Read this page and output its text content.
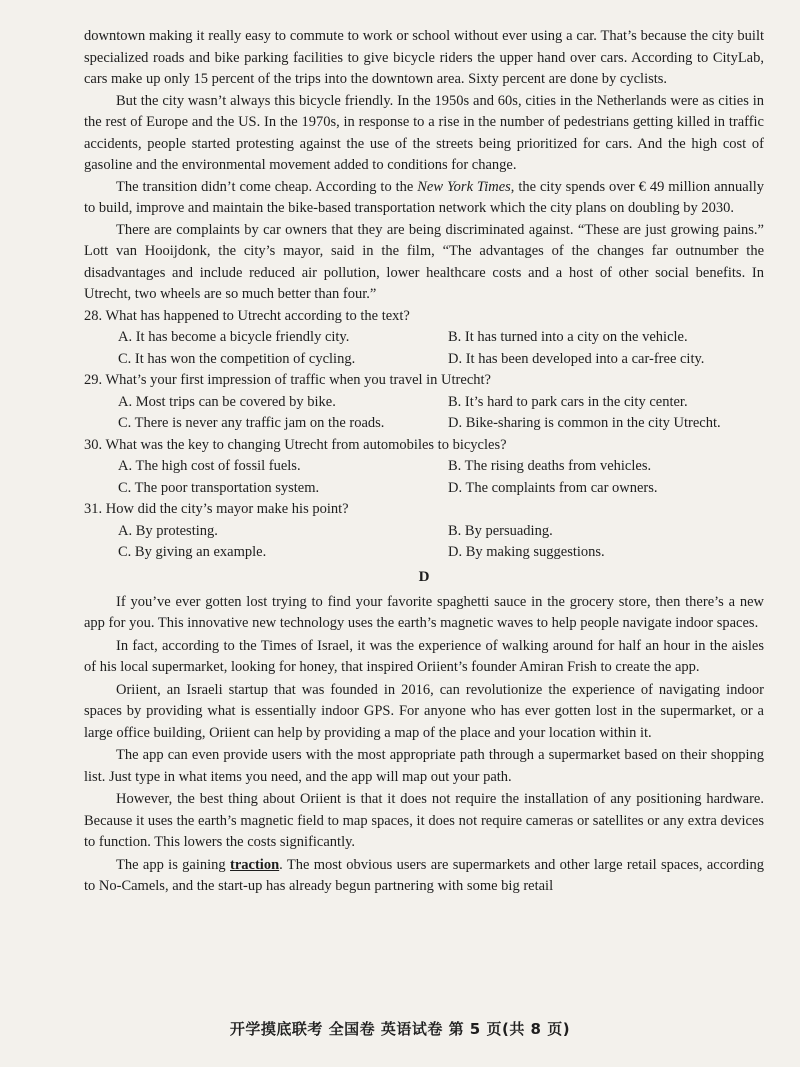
downtown making it really easy to commute to work or school without ever using a car. That’s because the city built specialized roads and bike parking facilities to give bicycle riders the upper hand over cars. According to CityLab, cars make up only 15 percent of the trips into the downtown area. Sixty percent are done by cyclists.

But the city wasn’t always this bicycle friendly. In the 1950s and 60s, cities in the Netherlands were as cities in the rest of Europe and the US. In the 1970s, in response to a rise in the number of pedestrians getting killed in traffic accidents, people started protesting against the use of the streets being prioritized for cars. And the high cost of gasoline and the environmental movement added to conditions for change.

The transition didn’t come cheap. According to the New York Times, the city spends over € 49 million annually to build, improve and maintain the bike-based transportation network which the city plans on doubling by 2030.

There are complaints by car owners that they are being discriminated against. “These are just growing pains.” Lott van Hooijdonk, the city’s mayor, said in the film, “The advantages of the changes far outnumber the disadvantages and include reduced air pollution, lower healthcare costs and a host of other social benefits. In Utrecht, two wheels are so much better than four.”

28. What has happened to Utrecht according to the text?
A. It has become a bicycle friendly city.	B. It has turned into a city on the vehicle.
C. It has won the competition of cycling.	D. It has been developed into a car-free city.
29. What’s your first impression of traffic when you travel in Utrecht?
A. Most trips can be covered by bike.	B. It’s hard to park cars in the city center.
C. There is never any traffic jam on the roads.	D. Bike-sharing is common in the city Utrecht.
30. What was the key to changing Utrecht from automobiles to bicycles?
A. The high cost of fossil fuels.	B. The rising deaths from vehicles.
C. The poor transportation system.	D. The complaints from car owners.
31. How did the city’s mayor make his point?
A. By protesting.	B. By persuading.
C. By giving an example.	D. By making suggestions.
D

If you’ve ever gotten lost trying to find your favorite spaghetti sauce in the grocery store, then there’s a new app for you. This innovative new technology uses the earth’s magnetic waves to help people navigate indoor spaces.

In fact, according to the Times of Israel, it was the experience of walking around for half an hour in the aisles of his local supermarket, looking for honey, that inspired Oriient’s founder Amiran Frish to create the app.

Oriient, an Israeli startup that was founded in 2016, can revolutionize the experience of navigating indoor spaces by providing what is essentially indoor GPS. For anyone who has ever gotten lost in the supermarket, or a large office building, Oriient can help by providing a map of the place and your location within it.

The app can even provide users with the most appropriate path through a supermarket based on their shopping list. Just type in what items you need, and the app will map out your path.

However, the best thing about Oriient is that it does not require the installation of any positioning hardware. Because it uses the earth’s magnetic field to map spaces, it does not require cameras or satellites or any extra devices to function. This lowers the costs significantly.

The app is gaining traction. The most obvious users are supermarkets and other large retail spaces, according to No-Camels, and the start-up has already begun partnering with some big retail

开学摸底联考 全国卷 英语试卷 第 5 页(共 8 页)
